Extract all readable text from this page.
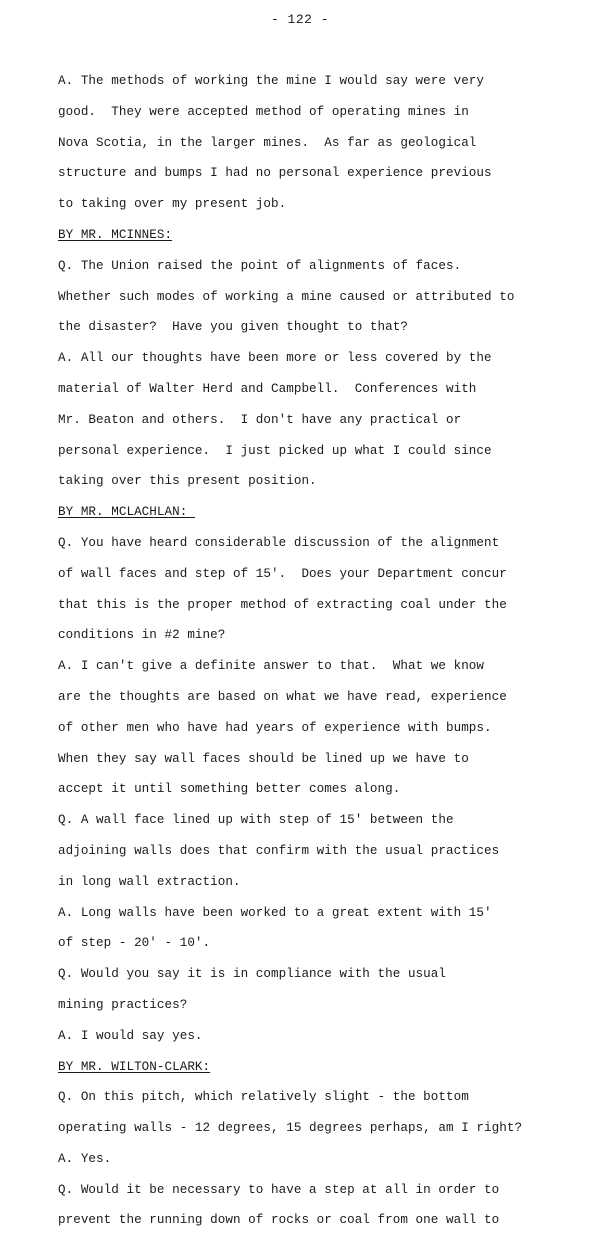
- 122 -
A. The methods of working the mine I would say were very
good.  They were accepted method of operating mines in
Nova Scotia, in the larger mines.  As far as geological
structure and bumps I had no personal experience previous
to taking over my present job.
BY MR. MCINNES:
Q. The Union raised the point of alignments of faces.
Whether such modes of working a mine caused or attributed to
the disaster?  Have you given thought to that?
A. All our thoughts have been more or less covered by the
material of Walter Herd and Campbell.  Conferences with
Mr. Beaton and others.  I don't have any practical or
personal experience.  I just picked up what I could since
taking over this present position.
BY MR. MCLACHLAN:
Q. You have heard considerable discussion of the alignment
of wall faces and step of 15'.  Does your Department concur
that this is the proper method of extracting coal under the
conditions in #2 mine?
A. I can't give a definite answer to that.  What we know
are the thoughts are based on what we have read, experience
of other men who have had years of experience with bumps.
When they say wall faces should be lined up we have to
accept it until something better comes along.
Q. A wall face lined up with step of 15' between the
adjoining walls does that confirm with the usual practices
in long wall extraction.
A. Long walls have been worked to a great extent with 15'
of step - 20' - 10'.
Q. Would you say it is in compliance with the usual
mining practices?
A. I would say yes.
BY MR. WILTON-CLARK:
Q. On this pitch, which relatively slight - the bottom
operating walls - 12 degrees, 15 degrees perhaps, am I right?
A. Yes.
Q. Would it be necessary to have a step at all in order to
prevent the running down of rocks or coal from one wall to
